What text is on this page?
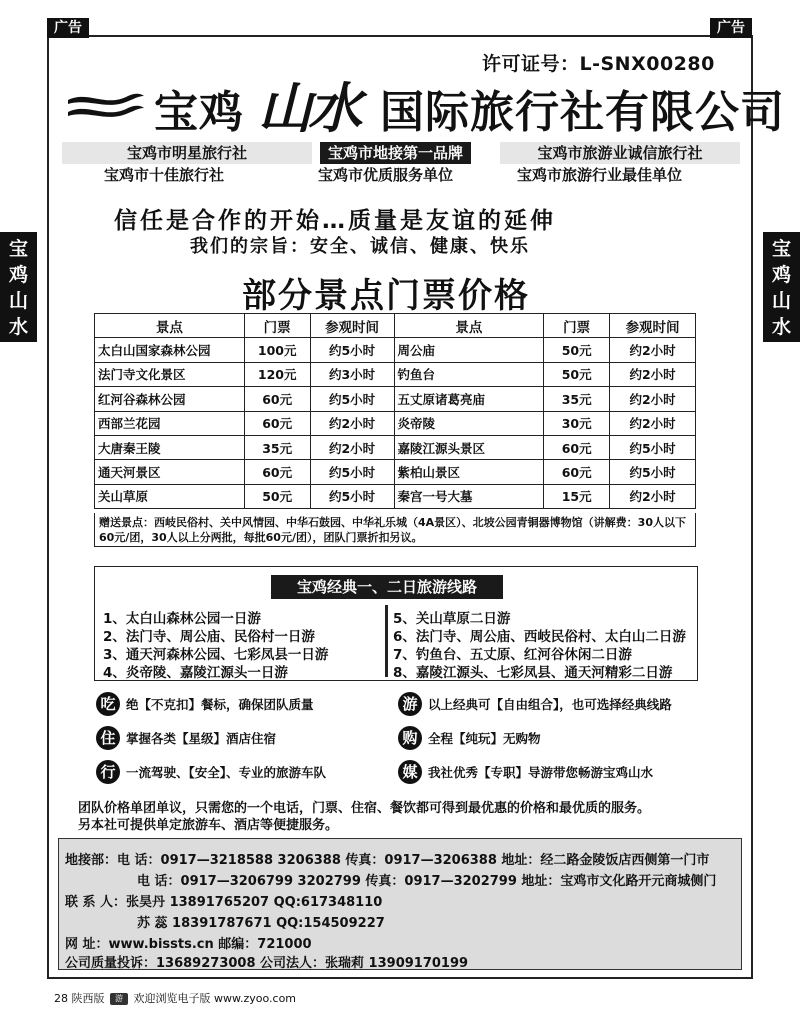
广告	广告
宝
鸡
山
水
宝
鸡
山
水
许可证号：L-SNX00280
宝鸡 山水 国际旅行社有限公司
宝鸡市明星旅行社	宝鸡市地接第一品牌	宝鸡市旅游业诚信旅行社
宝鸡市十佳旅行社	宝鸡市优质服务单位	宝鸡市旅游行业最佳单位
信任是合作的开始…质量是友谊的延伸
我们的宗旨：安全、诚信、健康、快乐
部分景点门票价格
景点	门票	参观时间	景点	门票	参观时间
太白山国家森林公园	100元	约5小时	周公庙	50元	约2小时
法门寺文化景区	120元	约3小时	钓鱼台	50元	约2小时
红河谷森林公园	60元	约5小时	五丈原诸葛亮庙	35元	约2小时
西部兰花园	60元	约2小时	炎帝陵	30元	约2小时
大唐秦王陵	35元	约2小时	嘉陵江源头景区	60元	约5小时
通天河景区	60元	约5小时	紫柏山景区	60元	约5小时
关山草原	50元	约5小时	秦宫一号大墓	15元	约2小时
赠送景点：西岐民俗村、关中风情园、中华石鼓园、中华礼乐城（4A景区）、北坡公园青铜器博物馆（讲解费：30人以下60元/团，30人以上分两批，每批60元/团），团队门票折扣另议。
宝鸡经典一、二日旅游线路
1、太白山森林公园一日游
2、法门寺、周公庙、民俗村一日游
3、通天河森林公园、七彩凤县一日游
4、炎帝陵、嘉陵江源头一日游
5、关山草原二日游
6、法门寺、周公庙、西岐民俗村、太白山二日游
7、钓鱼台、五丈原、红河谷休闲二日游
8、嘉陵江源头、七彩凤县、通天河精彩二日游
吃 绝【不克扣】餐标，确保团队质量	游 以上经典可【自由组合】，也可选择经典线路
住 掌握各类【星级】酒店住宿	购 全程【纯玩】无购物
行 一流驾驶、【安全】、专业的旅游车队	媒 我社优秀【专职】导游带您畅游宝鸡山水
团队价格单团单议，只需您的一个电话，门票、住宿、餐饮都可得到最优惠的价格和最优质的服务。
另本社可提供单定旅游车、酒店等便捷服务。
地接部：电 话：0917—3218588 3206388 传真：0917—3206388 地址：经二路金陵饭店西侧第一门市
电 话：0917—3206799 3202799 传真：0917—3202799 地址：宝鸡市文化路开元商城侧门
联 系 人：张昊丹 13891765207 QQ:617348110
苏 蕊 18391787671 QQ:154509227
网 址：www.bissts.cn 邮编：721000
公司质量投诉：13689273008 公司法人：张瑞莉 13909170199
28 陕西版 游 欢迎浏览电子版 www.zyoo.com
